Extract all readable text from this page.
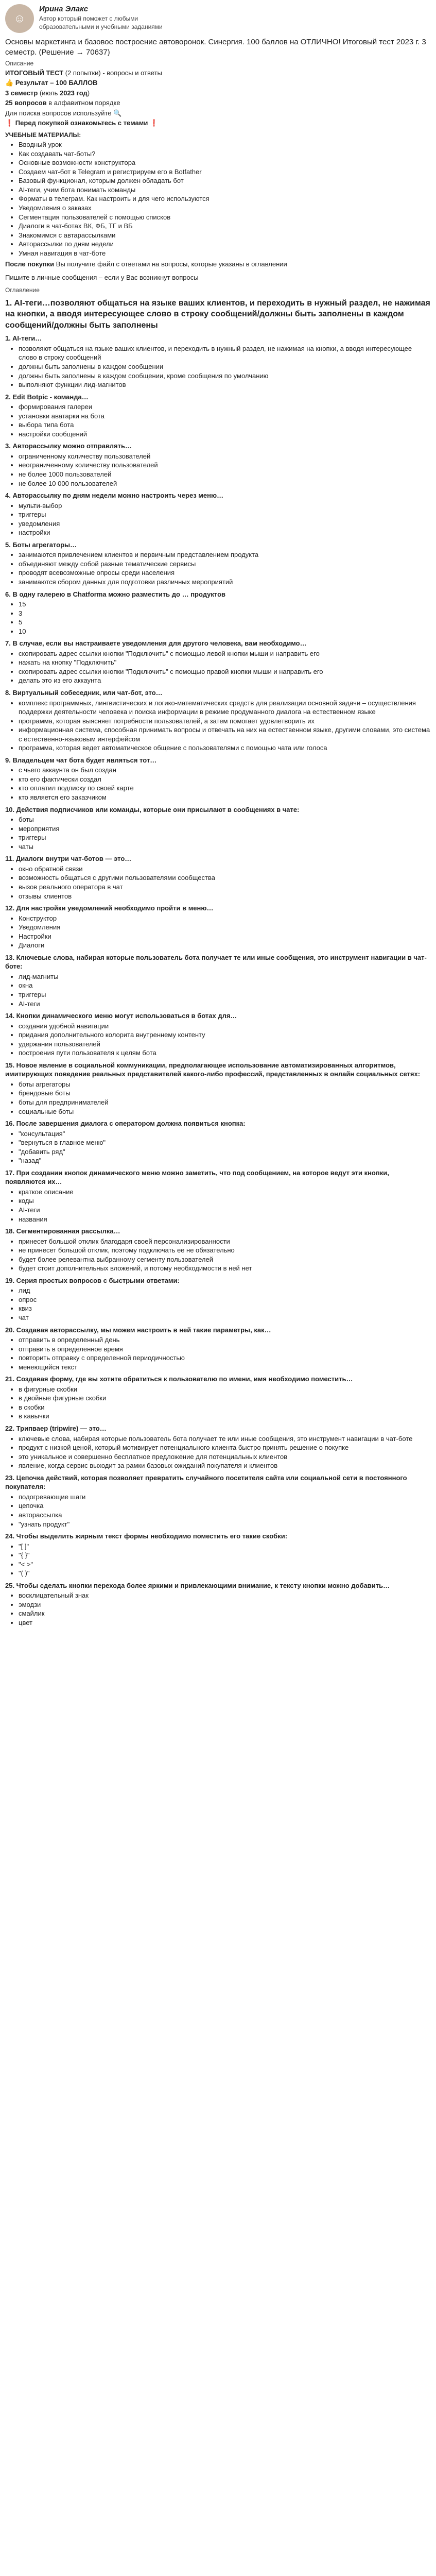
☺
Ирина Элакс
Автор который поможет с любыми образовательными и учебными заданиями
Основы маркетинга и базовое построение автоворонок. Синергия. 100 баллов на ОТЛИЧНО! Итоговый тест 2023 г. 3 семестр. (Решение → 70637)
Описание
ИТОГОВЫЙ ТЕСТ (2 попытки) - вопросы и ответы
👍 Результат – 100 БАЛЛОВ
3 семестр (июль 2023 год)
25 вопросов в алфавитном порядке
Для поиска вопросов используйте 🔍
❗ Перед покупкой ознакомьтесь с темами ❗
УЧЕБНЫЕ МАТЕРИАЛЫ:
• Вводный урок
• Как создавать чат-боты?
• Основные возможности конструктора
• Создаем чат-бот в Telegram и регистрируем его в Botfather
• Базовый функционал, которым должен обладать бот
• AI-теги, учим бота понимать команды
• Форматы в телеграм. Как настроить и для чего используются
• Уведомления о заказах
• Сегментация пользователей с помощью списков
• Диалоги в чат-ботах ВК, ФБ, ТГ и ВБ
• Знакомимся с автарассылками
• Авторассылки по дням недели
• Умная навигация в чат-боте
После покупки Вы получите файл с ответами на вопросы, которые указаны в оглавлении
Пишите в личные сообщения – если у Вас возникнут вопросы
Оглавление
1. AI-теги…позволяют общаться на языке ваших клиентов, и переходить в нужный раздел, не нажимая на кнопки, а вводя интересующее слово в строку сообщений/должны быть заполнены в каждом сообщений/должны быть заполнены
1. AI-теги…
• позволяют общаться на языке ваших клиентов, и переходить в нужный раздел, не нажимая на кнопки, а вводя интересующее слово в строку сообщений
• должны быть заполнены в каждом сообщении
• должны быть заполнены в каждом сообщении, кроме сообщения по умолчанию
• выполняют функции лид-магнитов
2. Edit Botpic - команда…
• формирования галереи
• установки аватарки на бота
• выбора типа бота
• настройки сообщений
3. Авторассылку можно отправлять…
• ограниченному количеству пользователей
• неограниченному количеству пользователей
• не более 1000 пользователей
• не более 10 000 пользователей
4. Авторассылку по дням недели можно настроить через меню…
• мульти-выбор
• триггеры
• уведомления
• настройки
5. Боты агрегаторы…
• занимаются привлечением клиентов и первичным представлением продукта
• объединяют между собой разные тематические сервисы
• проводят всевозможные опросы среди населения
• занимаются сбором данных для подготовки различных мероприятий
6. В одну галерею в Chatforma можно разместить до … продуктов
• 15
• 3
• 5
• 10
7. В случае, если вы настраиваете уведомления для другого человека, вам необходимо…
• скопировать адрес ссылки кнопки "Подключить" с помощью левой кнопки мыши и направить его
• нажать на кнопку "Подключить"
• скопировать адрес ссылки кнопки "Подключить" с помощью правой кнопки мыши и направить его
• делать это из его аккаунта
8. Виртуальный собеседник, или чат-бот, это…
• комплекс программных, лингвистических и логико-математических средств для реализации основной задачи – осуществления поддержки деятельности человека и поиска информации в режиме продуманного диалога на естественном языке
• программа, которая выясняет потребности пользователей, а затем помогает удовлетворить их
• информационная система, способная принимать вопросы и отвечать на них на естественном языке, другими словами, это система с естественно-языковым интерфейсом
• программа, которая ведет автоматическое общение с пользователями с помощью чата или голоса
9. Владельцем чат бота будет являться тот…
• с чьего аккаунта он был создан
• кто его фактически создал
• кто оплатил подписку по своей карте
• кто является его заказчиком
10. Действия подписчиков или команды, которые они присылают в сообщениях в чате:
• боты
• мероприятия
• триггеры
• чаты
11. Диалоги внутри чат-ботов — это…
• окно обратной связи
• возможность общаться с другими пользователями сообщества
• вызов реального оператора в чат
• отзывы клиентов
12. Для настройки уведомлений необходимо пройти в меню…
• Конструктор
• Уведомления
• Настройки
• Диалоги
13. Ключевые слова, набирая которые пользователь бота получает те или иные сообщения, это инструмент навигации в чат-боте:
• лид-магниты
• окна
• триггеры
• AI-теги
14. Кнопки динамического меню могут использоваться в ботах для…
• создания удобной навигации
• придания дополнительного колорита внутреннему контенту
• удержания пользователей
• построения пути пользователя к целям бота
15. Новое явление в социальной коммуникации, предполагающее использование автоматизированных алгоритмов, имитирующих поведение реальных представителей какого-либо профессий, представленных в онлайн социальных сетях:
• боты агрегаторы
• брендовые боты
• боты для предпринимателей
• социальные боты
16. После завершения диалога с оператором должна появиться кнопка:
• "консультация"
• "вернуться в главное меню"
• "добавить ряд"
• "назад"
17. При создании кнопок динамического меню можно заметить, что под сообщением, на которое ведут эти кнопки, появляются их…
• краткое описание
• коды
• AI-теги
• названия
18. Сегментированная рассылка…
• принесет большой отклик благодаря своей персонализированности
• не принесет большой отклик, поэтому подключать ее не обязательно
• будет более релевантна выбранному сегменту пользователей
• будет стоит дополнительных вложений, и потому необходимости в ней нет
19. Серия простых вопросов с быстрыми ответами:
• лид
• опрос
• квиз
• чат
20. Создавая авторассылку, мы можем настроить в ней такие параметры, как…
• отправить в определенный день
• отправить в определенное время
• повторить отправку с определенной периодичностью
• менеющийся текст
21. Создавая форму, где вы хотите обратиться к пользователю по имени, имя необходимо поместить…
• в фигурные скобки
• в двойные фигурные скобки
• в скобки
• в кавычки
22. Трипваер (tripwire) — это…
• ключевые слова, набирая которые пользователь бота получает те или иные сообщения, это инструмент навигации в чат-боте
• продукт с низкой ценой, который мотивирует потенциального клиента быстро принять решение о покупке
• это уникальное и совершенно бесплатное предложение для потенциальных клиентов
• явление, когда сервис выходит за рамки базовых ожиданий покупателя и клиентов
23. Цепочка действий, которая позволяет превратить случайного посетителя сайта или социальной сети в постоянного покупателя:
• подогревающие шаги
• цепочка
• авторассылка
• "узнать продукт"
24. Чтобы выделить жирным текст формы необходимо поместить его такие скобки:
• "[ ]"
• "{ }"
• "< >"
• "( )"
25. Чтобы сделать кнопки перехода более яркими и привлекающими внимание, к тексту кнопки можно добавить…
• восклицательный знак
• эмодзи
• смайлик
• цвет
